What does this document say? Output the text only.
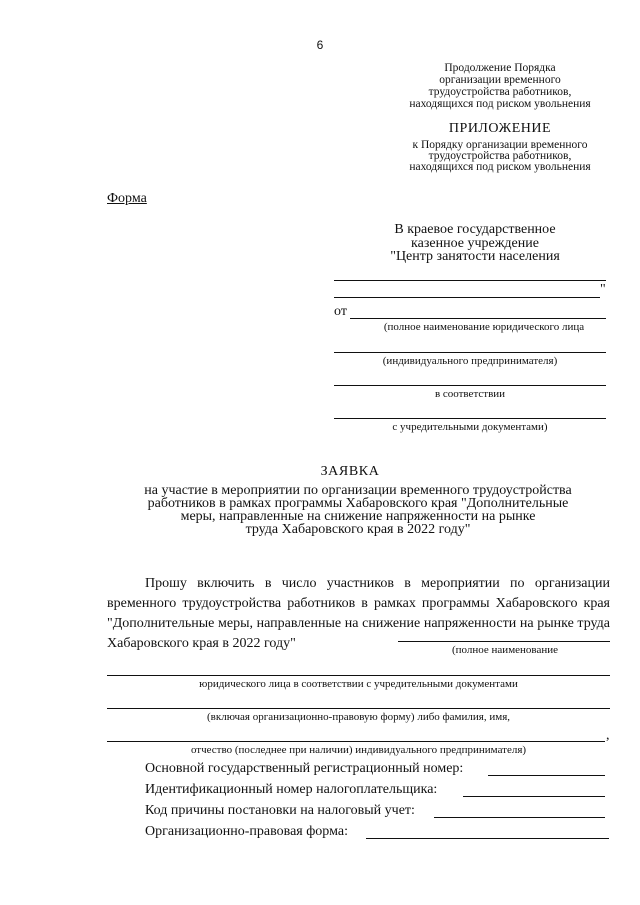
6
Продолжение Порядка
организации временного
трудоустройства работников,
находящихся под риском увольнения
ПРИЛОЖЕНИЕ
к Порядку организации временного
трудоустройства работников,
находящихся под риском увольнения
Форма
В краевое государственное
казенное учреждение
"Центр занятости населения
"
от
(полное наименование юридического лица
(индивидуального предпринимателя)
в соответствии
с учредительными документами)
ЗАЯВКА
на участие в мероприятии по организации временного трудоустройства
работников в рамках программы Хабаровского края "Дополнительные
меры, направленные на снижение напряженности на рынке
труда Хабаровского края в 2022 году"
Прошу включить в число участников в мероприятии по организации временного трудоустройства работников в рамках программы Хабаровского края "Дополнительные меры, направленные на снижение напряженности на рынке труда Хабаровского края в 2022 году"	(полное наименование
юридического лица в соответствии с учредительными документами
(включая организационно-правовую форму) либо фамилия, имя,
,
отчество (последнее при наличии) индивидуального предпринимателя)
Основной государственный регистрационный номер:
Идентификационный номер налогоплательщика:
Код причины постановки на налоговый учет:
Организационно-правовая форма:
